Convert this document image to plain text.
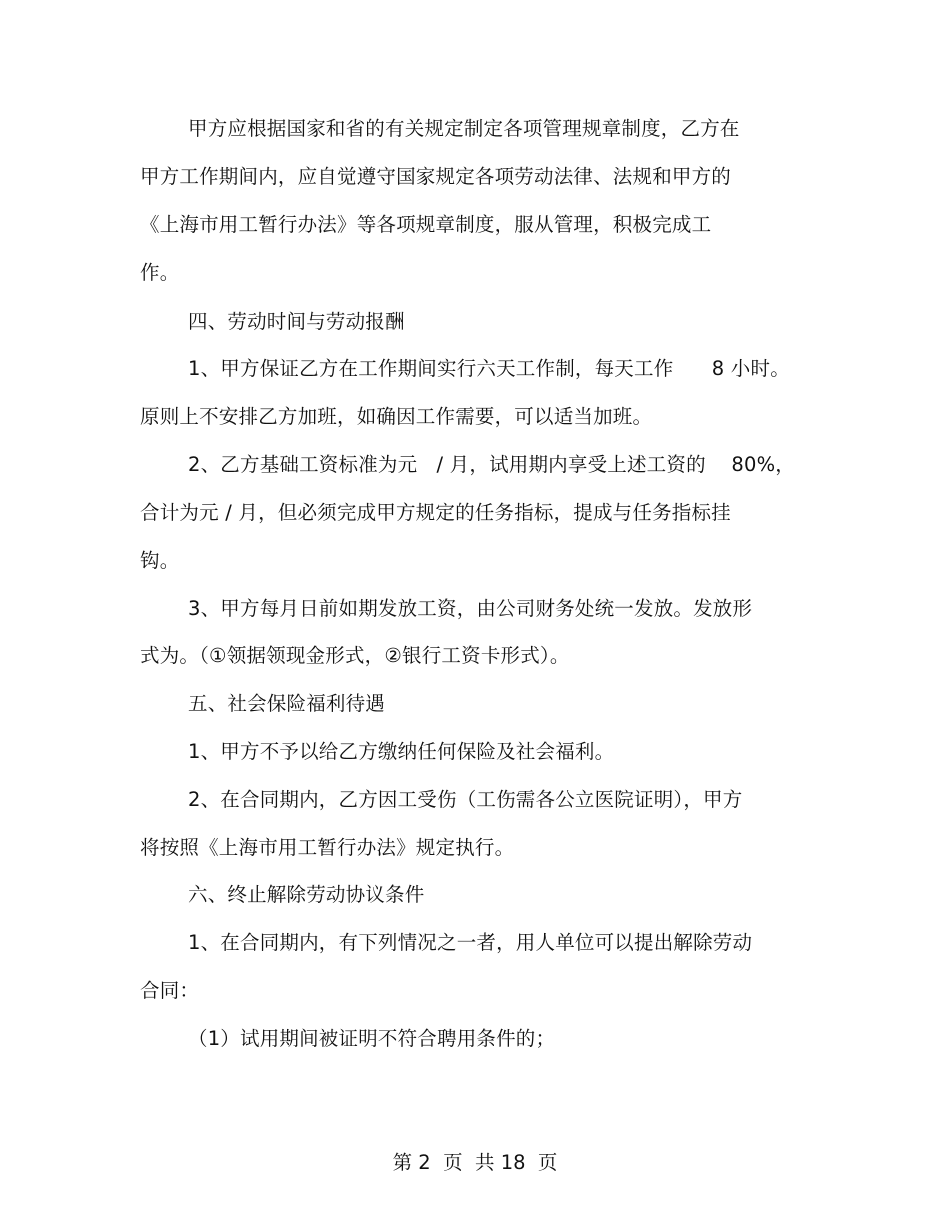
甲方应根据国家和省的有关规定制定各项管理规章制度，乙方在
甲方工作期间内，应自觉遵守国家规定各项劳动法律、法规和甲方的
《上海市用工暂行办法》等各项规章制度，服从管理，积极完成工
作。
四、劳动时间与劳动报酬
1、甲方保证乙方在工作期间实行六天工作制，每天工作      8 小时。
原则上不安排乙方加班，如确因工作需要，可以适当加班。
2、乙方基础工资标准为元   / 月，试用期内享受上述工资的    80%，
合计为元 / 月，但必须完成甲方规定的任务指标，提成与任务指标挂
钩。
3、甲方每月日前如期发放工资，由公司财务处统一发放。发放形
式为。（①领据领现金形式，②银行工资卡形式）。
五、社会保险福利待遇
1、甲方不予以给乙方缴纳任何保险及社会福利。
2、在合同期内，乙方因工受伤（工伤需各公立医院证明），甲方
将按照《上海市用工暂行办法》规定执行。
六、终止解除劳动协议条件
1、在合同期内，有下列情况之一者，用人单位可以提出解除劳动
合同：
（1）试用期间被证明不符合聘用条件的；
第 2  页  共 18  页
